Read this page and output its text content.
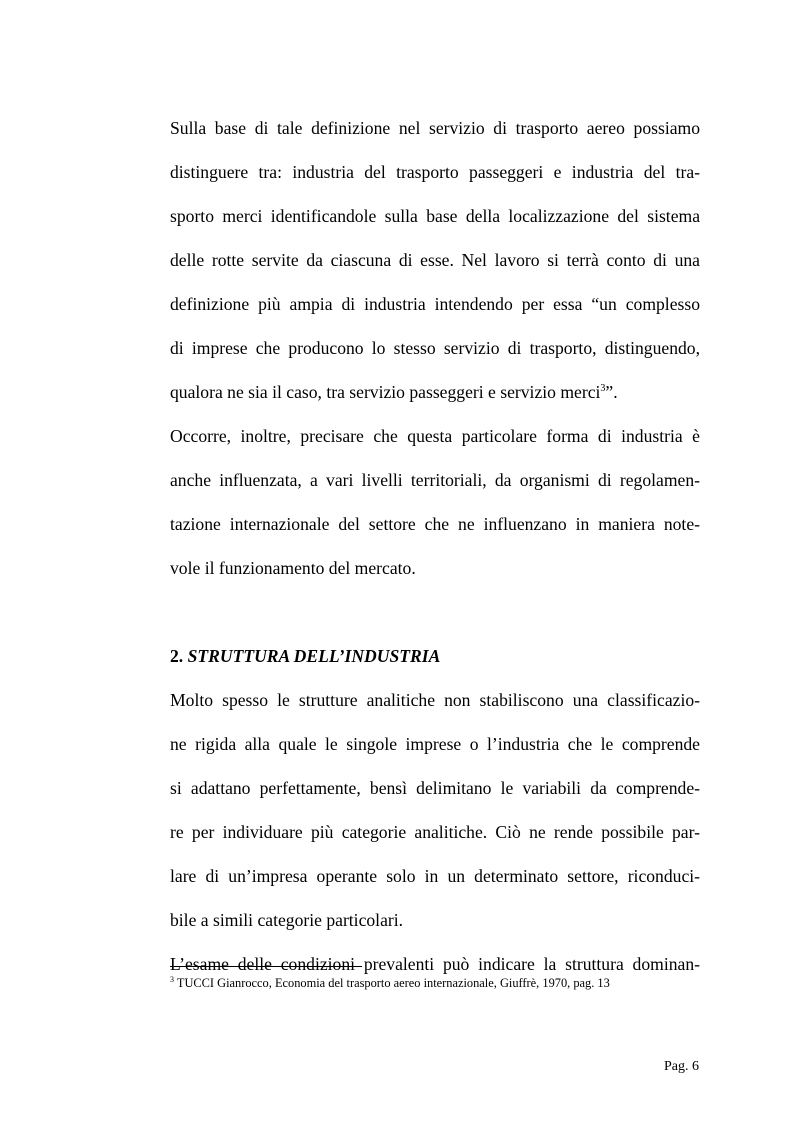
Sulla base di tale definizione nel servizio di trasporto aereo possiamo
distinguere tra: industria del trasporto passeggeri e industria del tra-
sporto merci identificandole sulla base della localizzazione del sistema
delle rotte servite da ciascuna di esse. Nel lavoro si terrà conto di una
definizione più ampia di industria intendendo per essa “un complesso
di imprese che producono lo stesso servizio di trasporto, distinguendo,
qualora ne sia il caso, tra servizio passeggeri e servizio merci$^3$”.
Occorre, inoltre, precisare che questa particolare forma di industria è
anche influenzata, a vari livelli territoriali, da organismi di regolamen-
tazione internazionale del settore che ne influenzano in maniera note-
vole il funzionamento del mercato.
2. STRUTTURA DELL’INDUSTRIA
Molto spesso le strutture analitiche non stabiliscono una classificazio-
ne rigida alla quale le singole imprese o l’industria che le comprende
si adattano perfettamente, bensì delimitano le variabili da comprende-
re per individuare più categorie analitiche. Ciò ne rende possibile par-
lare di un’impresa operante solo in un determinato settore, riconduci-
bile a simili categorie particolari.
L’esame delle condizioni prevalenti può indicare la struttura dominan-
$^3$ TUCCI Gianrocco, Economia del trasporto aereo internazionale, Giuffrè, 1970, pag. 13
Pag. 6
